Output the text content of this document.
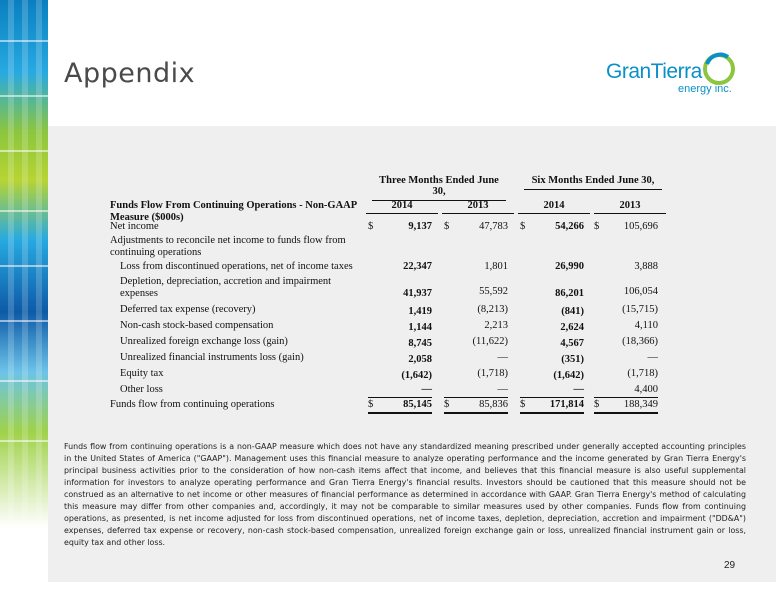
Appendix	GranTierra
energy inc.
Three Months Ended June 30,
Six Months Ended June 30,
Funds Flow From Continuing Operations - Non-GAAP Measure ($000s)
2014	2013	2014	2013
Net income	$	9,137 $	47,783 $	54,266 $	105,696
Adjustments to reconcile net income to funds flow from continuing operations
Loss from discontinued operations, net of income taxes	22,347	1,801	26,990	3,888
Depletion, depreciation, accretion and impairment expenses	41,937	55,592	86,201	106,054
Deferred tax expense (recovery)	1,419	(8,213)	(841)	(15,715)
Non-cash stock-based compensation	1,144	2,213	2,624	4,110
Unrealized foreign exchange loss (gain)	8,745	(11,622)	4,567	(18,366)
Unrealized financial instruments loss (gain)	2,058	—	(351)	—
Equity tax	(1,642)	(1,718)	(1,642)	(1,718)
Other loss	—	—	—	4,400
Funds flow from continuing operations	$	85,145 $	85,836 $	171,814 $	188,349
Funds flow from continuing operations is a non-GAAP measure which does not have any standardized meaning prescribed under generally accepted accounting principles in the United States of America ("GAAP"). Management uses this financial measure to analyze operating performance and the income generated by Gran Tierra Energy's principal business activities prior to the consideration of how non-cash items affect that income, and believes that this financial measure is also useful supplemental information for investors to analyze operating performance and Gran Tierra Energy's financial results. Investors should be cautioned that this measure should not be construed as an alternative to net income or other measures of financial performance as determined in accordance with GAAP. Gran Tierra Energy's method of calculating this measure may differ from other companies and, accordingly, it may not be comparable to similar measures used by other companies. Funds flow from continuing operations, as presented, is net income adjusted for loss from discontinued operations, net of income taxes, depletion, depreciation, accretion and impairment ("DD&A") expenses, deferred tax expense or recovery, non-cash stock-based compensation, unrealized foreign exchange gain or loss, unrealized financial instrument gain or loss, equity tax and other loss.
29
